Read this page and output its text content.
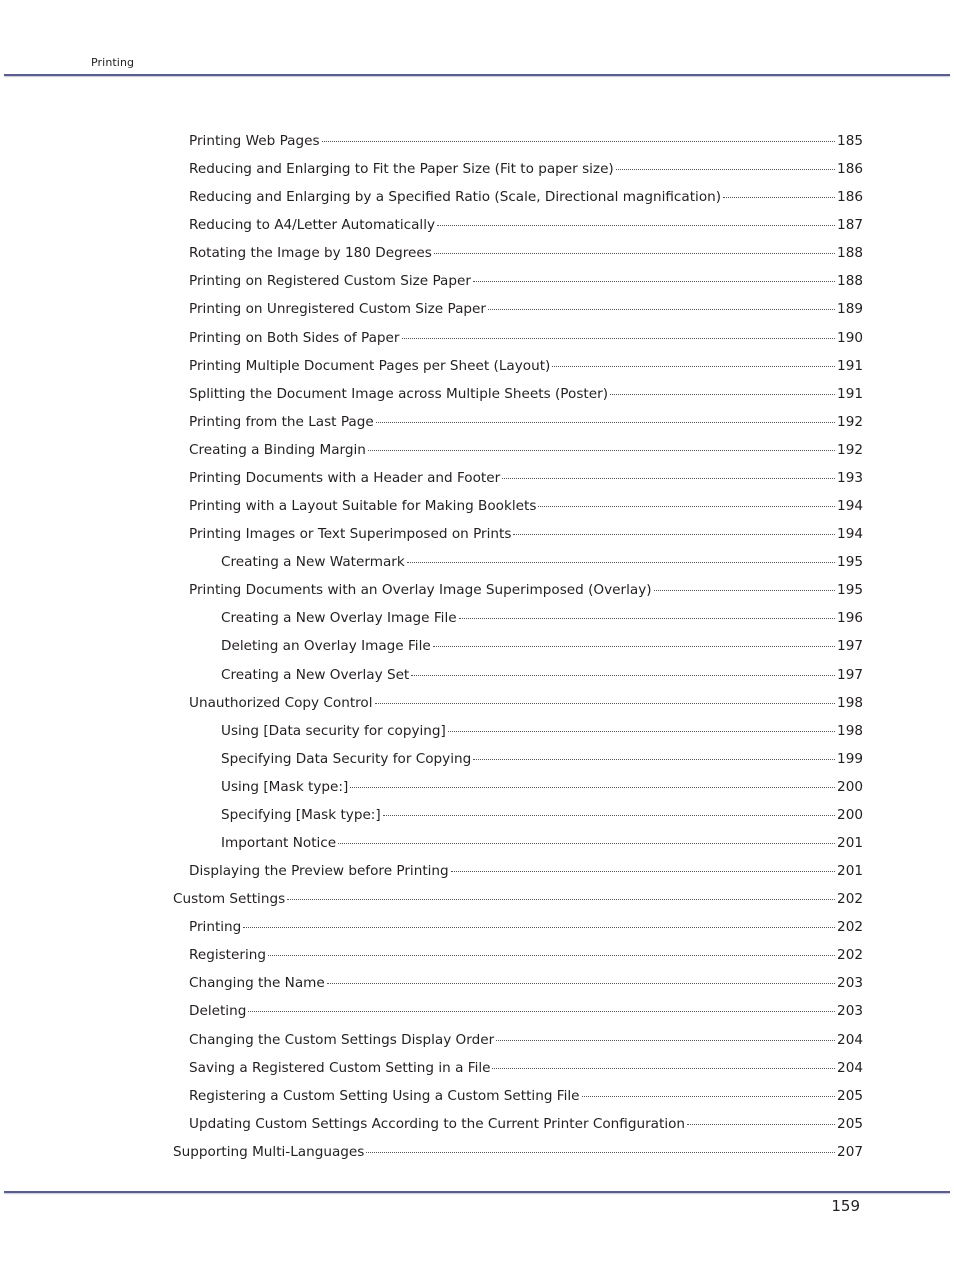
Printing
Printing Web Pages	185
Reducing and Enlarging to Fit the Paper Size (Fit to paper size)	186
Reducing and Enlarging by a Specified Ratio (Scale, Directional magnification)	186
Reducing to A4/Letter Automatically	187
Rotating the Image by 180 Degrees	188
Printing on Registered Custom Size Paper	188
Printing on Unregistered Custom Size Paper	189
Printing on Both Sides of Paper	190
Printing Multiple Document Pages per Sheet (Layout)	191
Splitting the Document Image across Multiple Sheets (Poster)	191
Printing from the Last Page	192
Creating a Binding Margin	192
Printing Documents with a Header and Footer	193
Printing with a Layout Suitable for Making Booklets	194
Printing Images or Text Superimposed on Prints	194
Creating a New Watermark	195
Printing Documents with an Overlay Image Superimposed (Overlay)	195
Creating a New Overlay Image File	196
Deleting an Overlay Image File	197
Creating a New Overlay Set	197
Unauthorized Copy Control	198
Using [Data security for copying]	198
Specifying Data Security for Copying	199
Using [Mask type:]	200
Specifying [Mask type:]	200
Important Notice	201
Displaying the Preview before Printing	201
Custom Settings	202
Printing	202
Registering	202
Changing the Name	203
Deleting	203
Changing the Custom Settings Display Order	204
Saving a Registered Custom Setting in a File	204
Registering a Custom Setting Using a Custom Setting File	205
Updating Custom Settings According to the Current Printer Configuration	205
Supporting Multi-Languages	207
159
